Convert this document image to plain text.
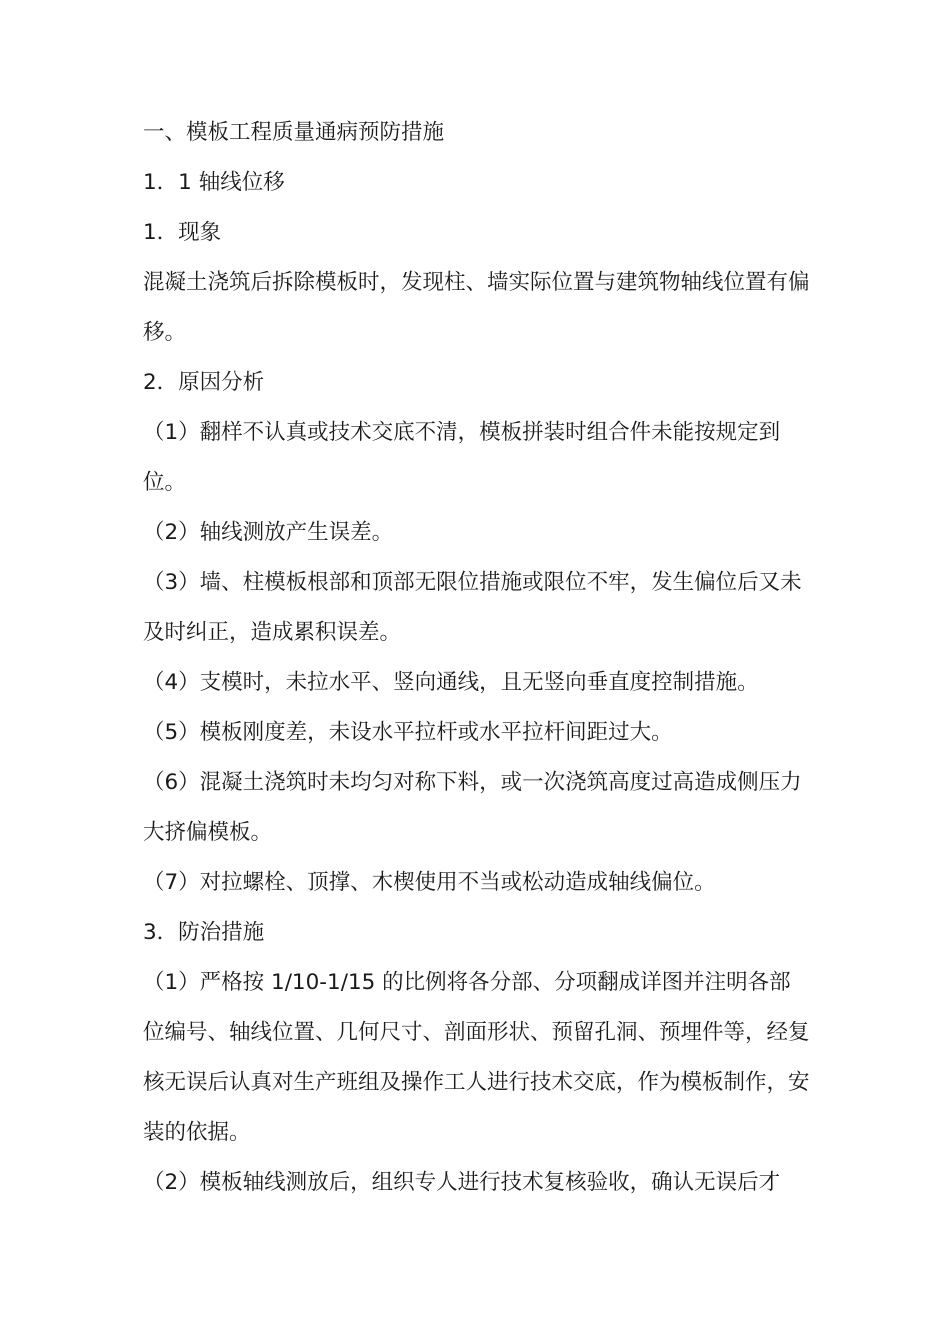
一、模板工程质量通病预防措施

1．1 轴线位移

1．现象

混凝土浇筑后拆除模板时，发现柱、墙实际位置与建筑物轴线位置有偏移。

2．原因分析

（1）翻样不认真或技术交底不清，模板拼装时组合件未能按规定到位。

（2）轴线测放产生误差。

（3）墙、柱模板根部和顶部无限位措施或限位不牢，发生偏位后又未及时纠正，造成累积误差。

（4）支模时，未拉水平、竖向通线，且无竖向垂直度控制措施。

（5）模板刚度差，未设水平拉杆或水平拉杆间距过大。

（6）混凝土浇筑时未均匀对称下料，或一次浇筑高度过高造成侧压力大挤偏模板。

（7）对拉螺栓、顶撑、木楔使用不当或松动造成轴线偏位。

3．防治措施

（1）严格按 1/10-1/15 的比例将各分部、分项翻成详图并注明各部位编号、轴线位置、几何尺寸、剖面形状、预留孔洞、预埋件等，经复核无误后认真对生产班组及操作工人进行技术交底，作为模板制作，安装的依据。

（2）模板轴线测放后，组织专人进行技术复核验收，确认无误后才
